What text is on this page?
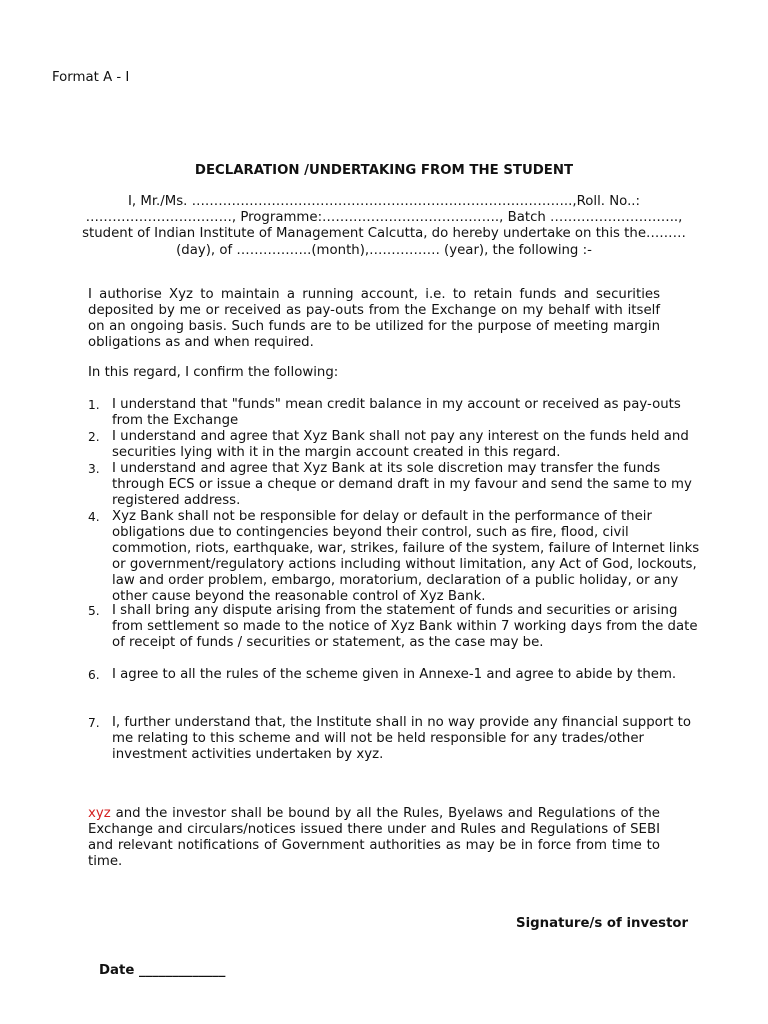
Format A - I
DECLARATION /UNDERTAKING FROM THE STUDENT
I, Mr./Ms. …………………………………………………………………………..,Roll. No..:
……………………………, Programme:…………………………………., Batch ………………………..,
student of Indian Institute of Management Calcutta, do hereby undertake on this the………
(day), of ……………..(month),……………. (year), the following :-
I authorise Xyz to maintain a running account, i.e. to retain funds and securities deposited by me or received as pay-outs from the Exchange on my behalf with itself on an ongoing basis. Such funds are to be utilized for the purpose of meeting margin obligations as and when required.
In this regard, I confirm the following:
1. I understand that "funds" mean credit balance in my account or received as pay-outs from the Exchange
2. I understand and agree that Xyz Bank shall not pay any interest on the funds held and securities lying with it in the margin account created in this regard.
3. I understand and agree that Xyz Bank at its sole discretion may transfer the funds through ECS or issue a cheque or demand draft in my favour and send the same to my registered address.
4. Xyz Bank shall not be responsible for delay or default in the performance of their obligations due to contingencies beyond their control, such as fire, flood, civil commotion, riots, earthquake, war, strikes, failure of the system, failure of Internet links or government/regulatory actions including without limitation, any Act of God, lockouts, law and order problem, embargo, moratorium, declaration of a public holiday, or any other cause beyond the reasonable control of Xyz Bank.
5. I shall bring any dispute arising from the statement of funds and securities or arising from settlement so made to the notice of Xyz Bank within 7 working days from the date of receipt of funds / securities or statement, as the case may be.
6. I agree to all the rules of the scheme given in Annexe-1 and agree to abide by them.
7. I, further understand that, the Institute shall in no way provide any financial support to me relating to this scheme and will not be held responsible for any trades/other investment activities undertaken by xyz.
xyz and the investor shall be bound by all the Rules, Byelaws and Regulations of the Exchange and circulars/notices issued there under and Rules and Regulations of SEBI and relevant notifications of Government authorities as may be in force from time to time.
Signature/s of investor
Date _____________
